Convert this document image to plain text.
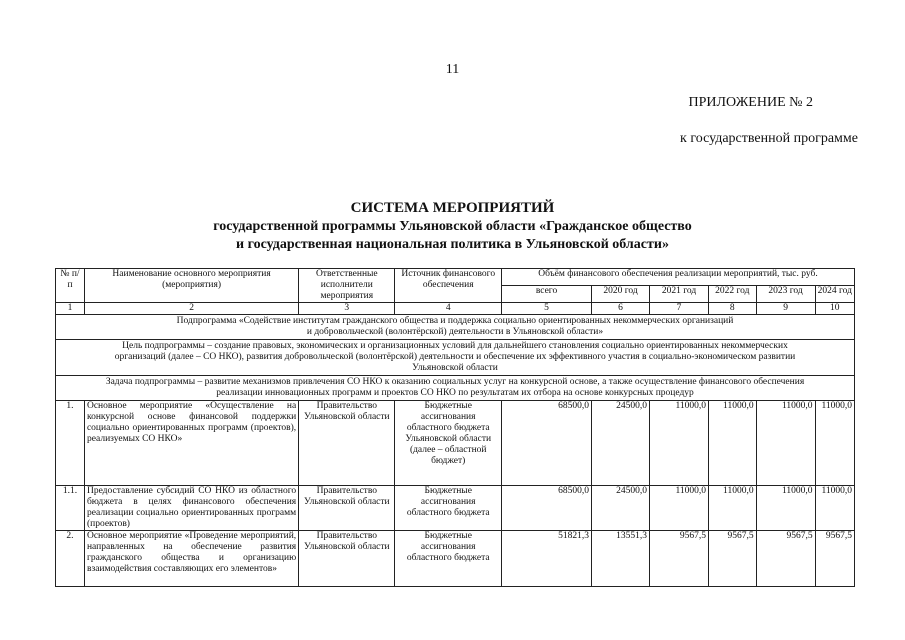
11
ПРИЛОЖЕНИЕ № 2
к государственной программе
СИСТЕМА МЕРОПРИЯТИЙ
государственной программы Ульяновской области «Гражданское общество
и государственная национальная политика в Ульяновской области»
№ п/п	Наименование основного мероприятия (мероприятия)	Ответственные исполнители мероприятия	Источник финансового обеспечения	Объём финансового обеспечения реализации мероприятий, тыс. руб.					
				всего	2020 год	2021 год	2022 год	2023 год	2024 год
1	2	3	4	5	6	7	8	9	10
Подпрограмма «Содействие институтам гражданского общества и поддержка социально ориентированных некоммерческих организаций и добровольческой (волонтёрской) деятельности в Ульяновской области»									
Цель подпрограммы – создание правовых, экономических и организационных условий для дальнейшего становления социально ориентированных некоммерческих организаций (далее – СО НКО), развития добровольческой (волонтёрской) деятельности и обеспечение их эффективного участия в социально-экономическом развитии Ульяновской области									
Задача подпрограммы – развитие механизмов привлечения СО НКО к оказанию социальных услуг на конкурсной основе, а также осуществление финансового обеспечения реализации инновационных программ и проектов СО НКО по результатам их отбора на основе конкурсных процедур									
1.	Основное мероприятие «Осуществление на конкурсной основе финансовой поддержки социально ориентированных программ (проектов), реализуемых СО НКО»	Правительство Ульяновской области	Бюджетные ассигнования областного бюджета Ульяновской области (далее – областной бюджет)	68500,0	24500,0	11000,0	11000,0	11000,0	11000,0
1.1.	Предоставление субсидий СО НКО из областного бюджета в целях финансового обеспечения реализации социально ориентированных программ (проектов)	Правительство Ульяновской области	Бюджетные ассигнования областного бюджета	68500,0	24500,0	11000,0	11000,0	11000,0	11000,0
2.	Основное мероприятие «Проведение мероприятий, направленных на обеспечение развития гражданского общества и организацию взаимодействия составляющих его элементов»	Правительство Ульяновской области	Бюджетные ассигнования областного бюджета	51821,3	13551,3	9567,5	9567,5	9567,5	9567,5
